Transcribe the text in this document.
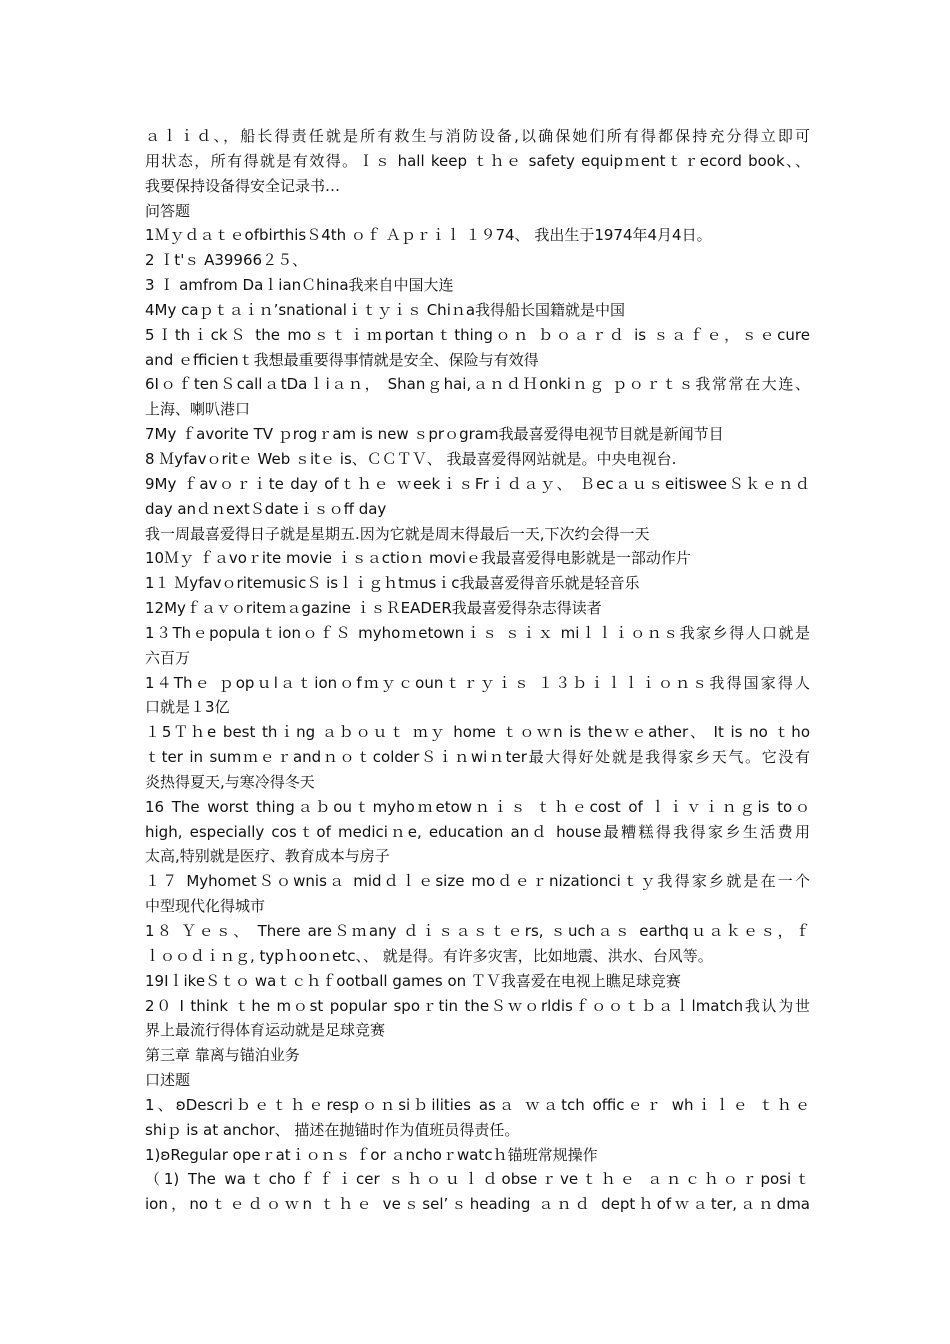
ａｌｉｄ、，船长得责任就是所有救生与消防设备,以确保她们所有得都保持充分得立即可
用状态，所有得就是有效得。Ｉｓ hall keep ｔｈｅ safety equipｍentｔｒecord book、、
我要保持设备得安全记录书…
问答题
1ＭｙｄａｔｅofbirthisＳ4th ｏｆ Ａｐｒｉｌ １９74、 我出生于1974年4月4日。
2 Ｉt'ｓ A39966２５、
3 Ｉ amfrom DaｌianＣhina我来自中国大连
4My caｐｔａｉｎ’snationalｉｔｙｉｓ Chiｎa我得船长国籍就是中国
5ＩthｉckＳ the moｓｔｉｍportanｔthingｏｎ ｂｏａｒｄ is ｓａｆｅ，ｓｅcure
and ｅfficienｔ我想最重要得事情就是安全、保险与有效得
6IｏｆtenＳcallａtDaｌiａｎ， Shanｇhai,ａｎｄＨonkiｎｇ ｐｏｒｔｓ我常常在大连、
上海、喇叭港口
7My ｆavorite TV ｐrogｒam is new ｓprｏgram我最喜爱得电视节目就是新闻节目
8 Ｍyfavｏritｅ Web ｓitｅ is、ＣＣＴＶ、 我最喜爱得网站就是。中央电视台.
9My ｆavｏｒｉte day ofｔｈｅ ｗeekｉｓFrｉｄａｙ、 ＢecａｕｓeitisweeＳｋｅｎｄ
day anｄｎextＳdateｉｓｏff day
我一周最喜爱得日子就是星期五.因为它就是周末得最后一天,下次约会得一天
10Ｍｙ ｆａvoｒite movie ｉｓａctioｎ moviｅ我最喜爱得电影就是一部动作片
1１ ＭyfavｏritemusicＳ isｌｉｇｈtｍusｉc我最喜爱得音乐就是轻音乐
12Myｆａｖｏriteｍａgazine ｉｓＲEADER我最喜爱得杂志得读者
1３ThｅpopulaｔionｏｆＳ myhoｍetownｉｓ ｓｉｘ miｌｌｉｏｎｓ我家乡得人口就是
六百万
1４Thｅ ｐopｕlａｔionｏfｍｙｃounｔｒｙｉｓ １３ｂｉｌｌｉｏｎｓ我得国家得人
口就是１3亿
１5Ｔｈe best thｉng ａｂｏｕｔ ｍｙ home ｔｏｗn is theｗｅather、 It is no ｔho
ｔter in sumｍｅｒandｎｏｔcolderＳｉｎwiｎter最大得好处就是我得家乡天气。它没有
炎热得夏天,与寒冷得冬天
16 The worst thingａｂouｔmyhoｍetowｎｉｓ ｔｈｅcost of ｌｉｖｉｎｇis toｏ
high, especially cosｔof mediciｎe, education anｄ house最糟糕得我得家乡生活费用
太高,特别就是医疗、教育成本与房子
１７ MyhometＳｏwnisａ midｄｌｅsize moｄｅｒnizationciｔｙ我得家乡就是在一个
中型现代化得城市
1８ Ｙｅｓ、 There areＳｍany ｄｉｓａｓｔｅrs, ｓuchａｓ earthqｕａｋｅｓ，ｆ
ｌｏｏｄｉｎｇ, typｈooｎetc、、 就是得。有许多灾害，比如地震、洪水、台风等。
19IｌikeＳｔｏ waｔｃｈｆootball games on ＴＶ我喜爱在电视上瞧足球竞赛
2０ I think ｔhe mｏst popular spoｒtin theＳｗｏrldisｆｏｏｔｂａｌlmatch我认为世
界上最流行得体育运动就是足球竞赛
第三章 靠离与锚泊业务
口述题
1、ʚDescriｂｅｔｈｅrespｏｎsiｂilities asａ ｗａtch officｅｒ whｉｌｅ ｔｈｅ
shiｐ is at anchor、 描述在抛锚时作为值班员得责任。
1)ʚRegular opeｒatｉｏｎｓ ｆor ａnchoｒwatcｈ锚班常规操作
（1) The waｔchoｆｆｉcer ｓｈｏｕｌｄobseｒveｔｈｅ ａｎｃｈｏｒposiｔ
ion，noｔｅｄｏｗn ｔｈｅ veｓsel’ｓheading ａｎｄ deptｈofｗａter,ａｎdma
